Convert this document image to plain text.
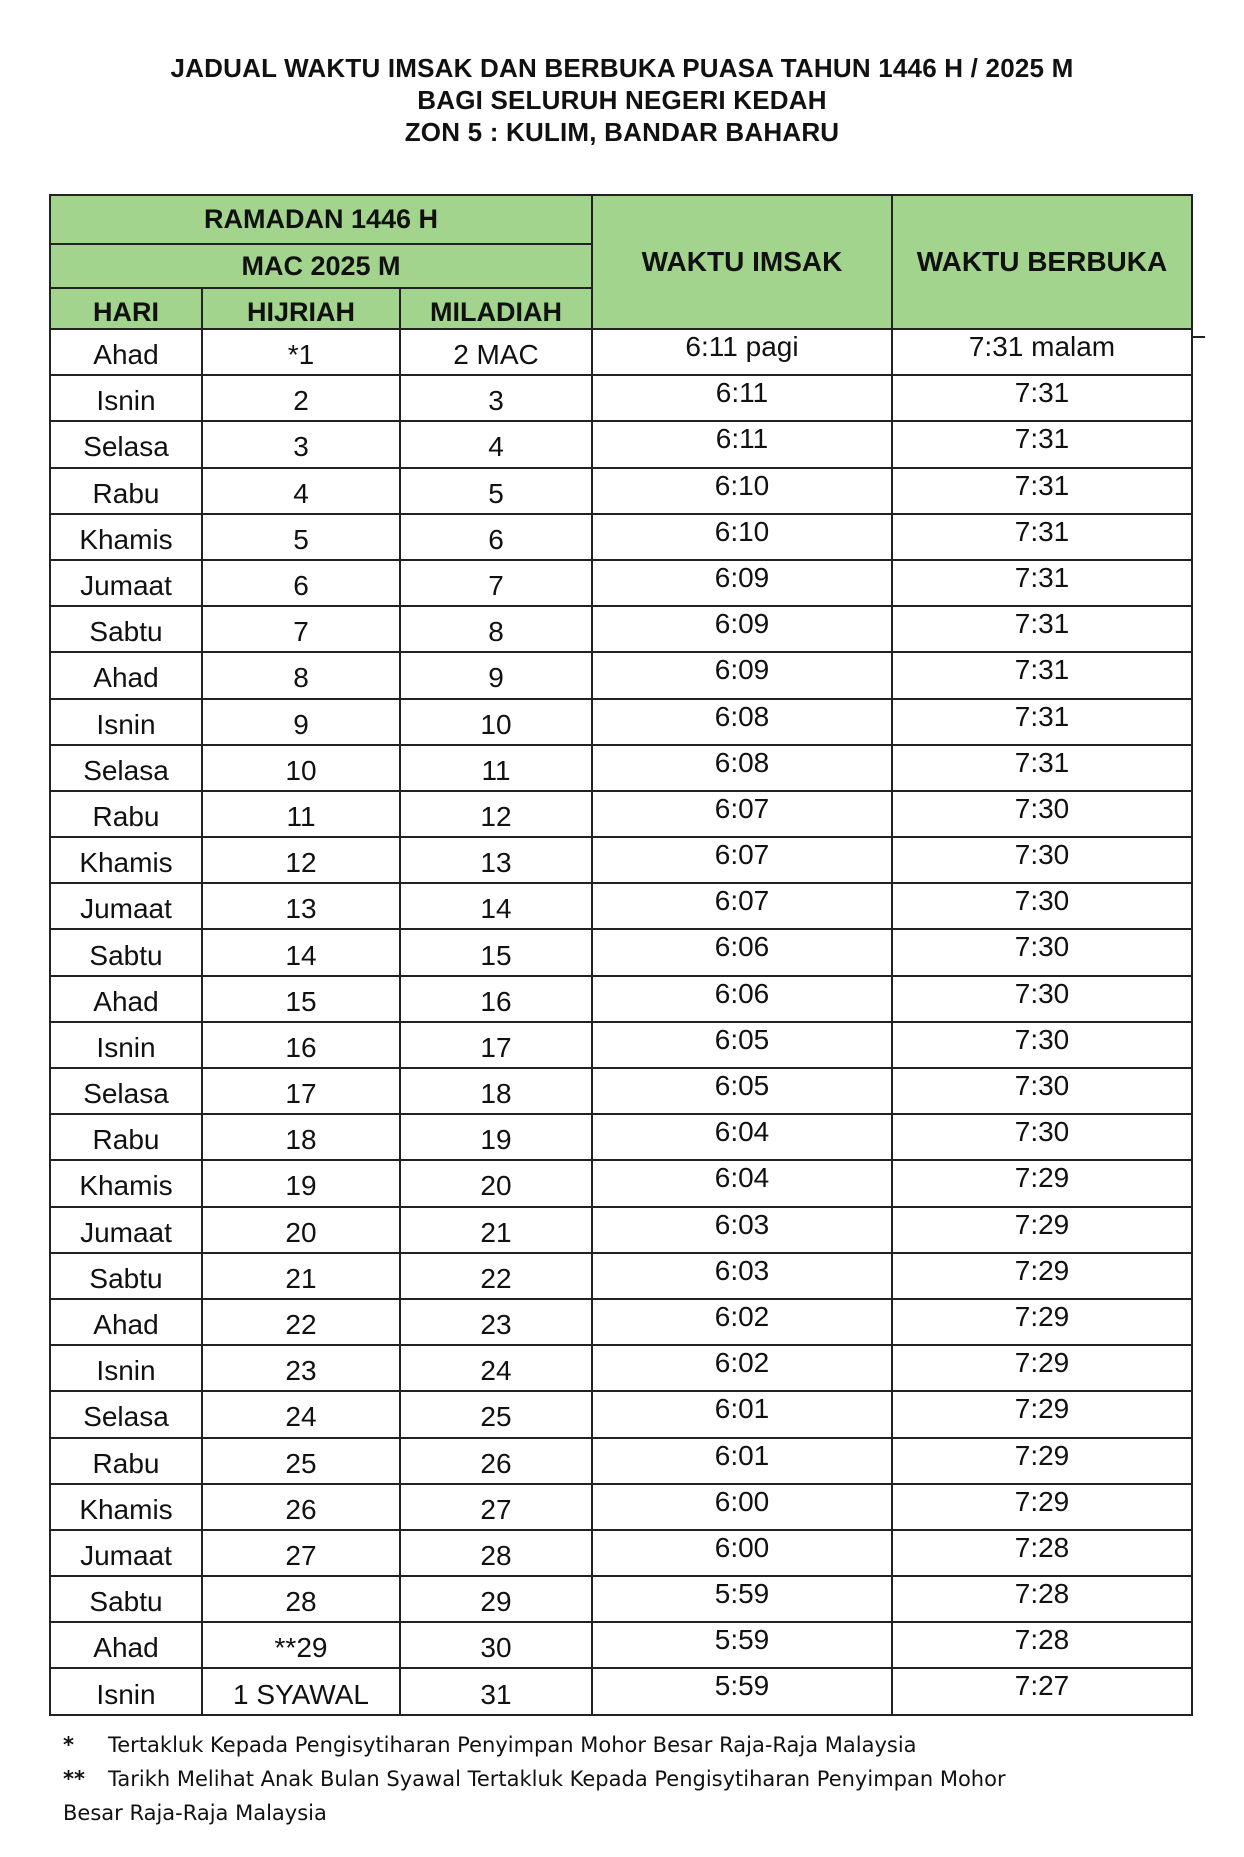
JADUAL WAKTU IMSAK DAN BERBUKA PUASA TAHUN 1446 H / 2025 M
BAGI SELURUH NEGERI KEDAH
ZON 5 : KULIM, BANDAR BAHARU
RAMADAN 1446 H			WAKTU IMSAK	WAKTU BERBUKA
MAC 2025 M				
HARI	HIJRIAH	MILADIAH		
Ahad	*1	2 MAC	6:11 pagi	7:31 malam
Isnin	2	3	6:11	7:31
Selasa	3	4	6:11	7:31
Rabu	4	5	6:10	7:31
Khamis	5	6	6:10	7:31
Jumaat	6	7	6:09	7:31
Sabtu	7	8	6:09	7:31
Ahad	8	9	6:09	7:31
Isnin	9	10	6:08	7:31
Selasa	10	11	6:08	7:31
Rabu	11	12	6:07	7:30
Khamis	12	13	6:07	7:30
Jumaat	13	14	6:07	7:30
Sabtu	14	15	6:06	7:30
Ahad	15	16	6:06	7:30
Isnin	16	17	6:05	7:30
Selasa	17	18	6:05	7:30
Rabu	18	19	6:04	7:30
Khamis	19	20	6:04	7:29
Jumaat	20	21	6:03	7:29
Sabtu	21	22	6:03	7:29
Ahad	22	23	6:02	7:29
Isnin	23	24	6:02	7:29
Selasa	24	25	6:01	7:29
Rabu	25	26	6:01	7:29
Khamis	26	27	6:00	7:29
Jumaat	27	28	6:00	7:28
Sabtu	28	29	5:59	7:28
Ahad	**29	30	5:59	7:28
Isnin	1 SYAWAL	31	5:59	7:27
*	Tertakluk Kepada Pengisytiharan Penyimpan Mohor Besar Raja-Raja Malaysia
**	Tarikh Melihat Anak Bulan Syawal Tertakluk Kepada Pengisytiharan Penyimpan Mohor
Besar Raja-Raja Malaysia
